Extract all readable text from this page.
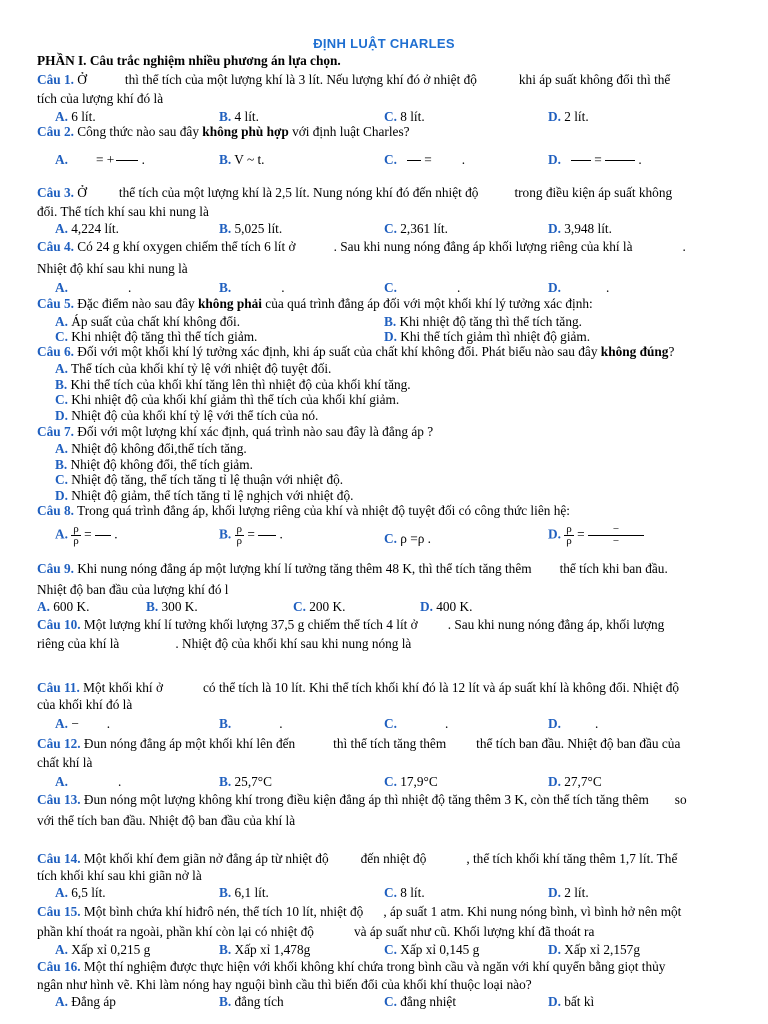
ĐỊNH LUẬT CHARLES
PHẦN I. Câu trắc nghiệm nhiều phương án lựa chọn.
Câu 1. Ở	thì thể tích của một lượng khí là 3 lít. Nếu lượng khí đó ở nhiệt độ	khi áp suất không đổi thì thể
tích của lượng khí đó là
A. 6 lít.	B. 4 lít.	C. 8 lít.	D. 2 lít.
Câu 2. Công thức nào sau đây không phù hợp với định luật Charles?
A. = + .	B. V ~ t.	C. = .	D.	=	.
Câu 3. Ở thể tích của một lượng khí là 2,5 lít. Nung nóng khí đó đến nhiệt độ	trong điều kiện áp suất không
đổi. Thể tích khí sau khi nung là
A. 4,224 lít.	B. 5,025 lít.	C. 2,361 lít.	D. 3,948 lít.
Câu 4. Có 24 g khí oxygen chiếm thể tích 6 lít ở	. Sau khi nung nóng đẳng áp khối lượng riêng của khí là	.
Nhiệt độ khí sau khi nung là
A.	.	B.	.	C.	.	D.	.
Câu 5. Đặc điểm nào sau đây không phải của quá trình đẳng áp đối với một khối khí lý tưởng xác định:
A. Áp suất của chất khí không đổi.	B. Khi nhiệt độ tăng thì thể tích tăng.
C. Khi nhiệt độ tăng thì thể tích giảm.	D. Khi thể tích giảm thì nhiệt độ giảm.
Câu 6. Đối với một khối khí lý tưởng xác định, khi áp suất của chất khí không đổi. Phát biểu nào sau đây không đúng?
A. Thể tích của khối khí tỷ lệ với nhiệt độ tuyệt đối.
B. Khi thể tích của khối khí tăng lên thì nhiệt độ của khối khí tăng.
C. Khi nhiệt độ của khối khí giảm thì thể tích của khối khí giảm.
D. Nhiệt độ của khối khí tỷ lệ với thể tích của nó.
Câu 7. Đối với một lượng khí xác định, quá trình nào sau đây là đẳng áp ?
A. Nhiệt độ không đổi,thể tích tăng.
B. Nhiệt độ không đổi, thể tích giảm.
C. Nhiệt độ tăng, thể tích tăng tỉ lệ thuận với nhiệt độ.
D. Nhiệt độ giảm, thể tích tăng tỉ lệ nghịch với nhiệt độ.
Câu 8. Trong quá trình đẳng áp, khối lượng riêng của khí và nhiệt độ tuyệt đối có công thức liên hệ:
A. $\frac{\rho}{\rho}$ =  .	B. $\frac{\rho}{\rho}$ =  .	C. ρ =ρ .	D. $\frac{\rho}{\rho} = \frac{-}{-}$
Câu 9. Khi nung nóng đẳng áp một lượng khí lí tưởng tăng thêm 48 K, thì thể tích tăng thêm thể tích khi ban đầu.
Nhiệt độ ban đầu của lượng khí đó l
A. 600 K.	B. 300 K.	C. 200 K.	D. 400 K.
Câu 10. Một lượng khí lí tưởng khối lượng 37,5 g chiếm thể tích 4 lít ở . Sau khi nung nóng đẳng áp, khối lượng
riêng của khí là	. Nhiệt độ của khối khí sau khi nung nóng là
Câu 11. Một khối khí ở	có thể tích là 10 lít. Khi thể tích khối khí đó là 12 lít và áp suất khí là không đổi. Nhiệt độ
của khối khí đó là
A. − .	B.	.	C.	.	D.	.
Câu 12. Đun nóng đẳng áp một khối khí lên đến	thì thể tích tăng thêm thể tích ban đầu. Nhiệt độ ban đầu của
chất khí là
A.	.	B. 25,7°C	C. 17,9°C	D. 27,7°C
Câu 13. Đun nóng một lượng không khí trong điều kiện đẳng áp thì nhiệt độ tăng thêm 3 K, còn thể tích tăng thêm so
với thể tích ban đầu. Nhiệt độ ban đầu của khí là
Câu 14. Một khối khí đem giãn nở đẳng áp từ nhiệt độ đến nhiệt độ	, thể tích khối khí tăng thêm 1,7 lít. Thể
tích khối khí sau khi giãn nở là
A. 6,5 lít.	B. 6,1 lít.	C. 8 lít.	D. 2 lít.
Câu 15. Một bình chứa khí hiđrô nén, thể tích 10 lít, nhiệt độ , áp suất 1 atm. Khi nung nóng bình, vì bình hở nên một
phần khí thoát ra ngoài, phần khí còn lại có nhiệt độ	và áp suất như cũ. Khối lượng khí đã thoát ra
A. Xấp xỉ 0,215 g	B. Xấp xỉ 1,478g	C. Xấp xỉ 0,145 g	D. Xấp xỉ 2,157g
Câu 16. Một thí nghiệm được thực hiện với khối không khí chứa trong bình cầu và ngăn với khí quyển bằng giọt thủy
ngân như hình vẽ. Khi làm nóng hay nguội bình cầu thì biến đổi của khối khí thuộc loại nào?
A. Đẳng áp	B. đẳng tích	C. đẳng nhiệt	D. bất kì
